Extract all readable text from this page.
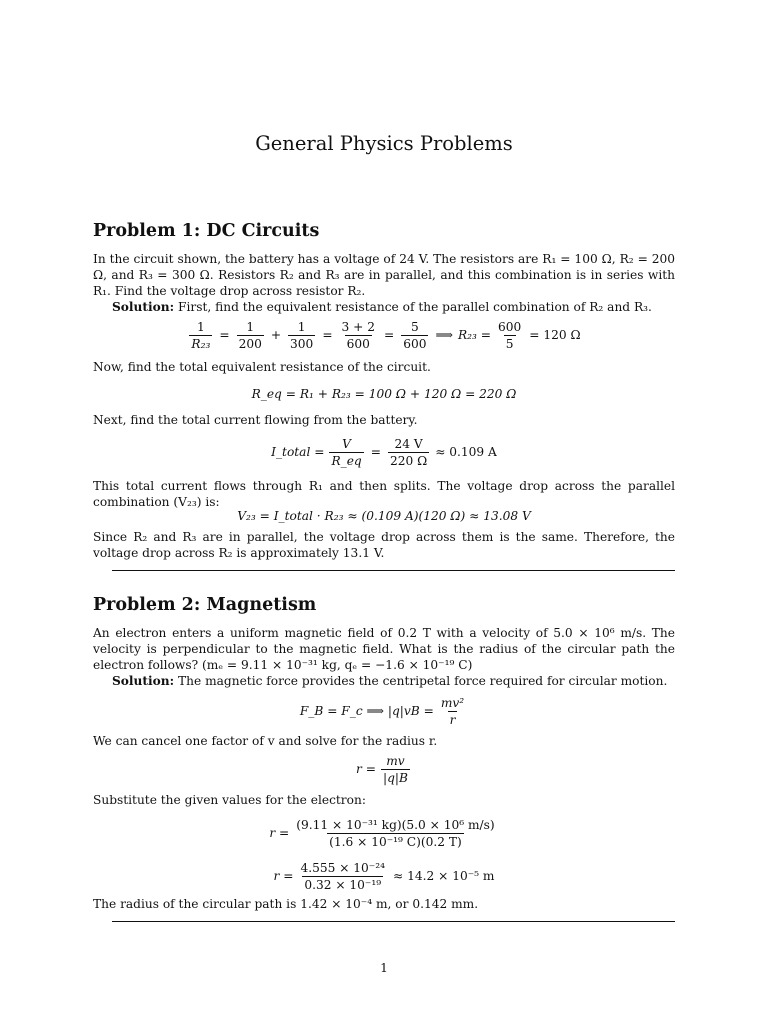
General Physics Problems
Problem 1: DC Circuits

In the circuit shown, the battery has a voltage of 24 V. The resistors are R₁ = 100 Ω, R₂ = 200 Ω, and R₃ = 300 Ω. Resistors R₂ and R₃ are in parallel, and this combination is in series with R₁. Find the voltage drop across resistor R₂.

Solution: First, find the equivalent resistance of the parallel combination of R₂ and R₃.

$\frac{1}{\text{R₂₃}} = \frac{1}{200} + \frac{1}{300} = \frac{3 + 2}{600} = \frac{5}{600}$ ⟹ $R_{23} = \frac{600}{5} = 120$ Ω

Now, find the total equivalent resistance of the circuit.

R_eq = R₁ + R₂₃ = 100 Ω + 120 Ω = 220 Ω

Next, find the total current flowing from the battery.

I_total = $\frac{V}{R\_eq} = \frac{24 V}{220 \Omega} \approx 0.109$ A

This total current flows through R₁ and then splits. The voltage drop across the parallel combination (V₂₃) is:

V₂₃ = I_total · R₂₃ ≈ (0.109 A)(120 Ω) ≈ 13.08 V

Since R₂ and R₃ are in parallel, the voltage drop across them is the same. Therefore, the voltage drop across R₂ is approximately 13.1 V.

Problem 2: Magnetism

An electron enters a uniform magnetic field of 0.2 T with a velocity of 5.0 × 10⁶ m/s. The velocity is perpendicular to the magnetic field. What is the radius of the circular path the electron follows? (mₑ = 9.11 × 10⁻³¹ kg, qₑ = −1.6 × 10⁻¹⁹ C)

Solution: The magnetic force provides the centripetal force required for circular motion.

F_B = F_c ⟹ $|q|vB = \frac{\text{mv²}}{r}$

We can cancel one factor of v and solve for the radius r.

$r = \frac{mv}{|q|B}$

Substitute the given values for the electron:

$r = \frac{\text{(9.11 × 10⁻³¹ kg)(5.0 × 10⁶ m/s)}}{\text{(1.6 × 10⁻¹⁹ C)(0.2 T)}}$
$r = \frac{\text{4.555 × 10⁻²⁴}}{\text{0.32 × 10⁻¹⁹}} \approx 14.2 \times 10^{-5}$ m

The radius of the circular path is 1.42 × 10⁻⁴ m, or 0.142 mm.

1
